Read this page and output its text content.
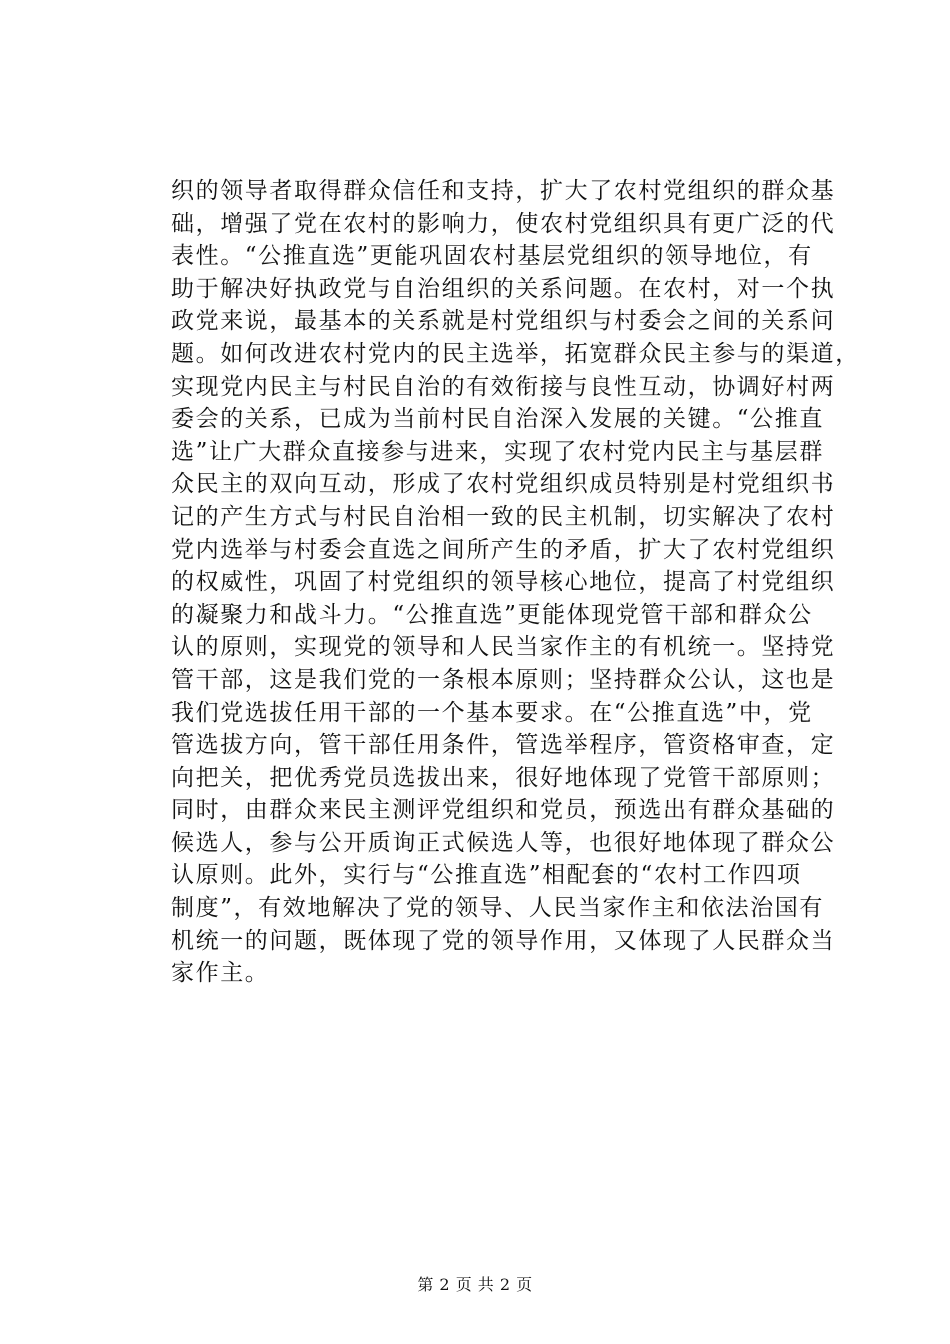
织的领导者取得群众信任和支持，扩大了农村党组织的群众基
础，增强了党在农村的影响力，使农村党组织具有更广泛的代
表性。“公推直选”更能巩固农村基层党组织的领导地位，有
助于解决好执政党与自治组织的关系问题。在农村，对一个执
政党来说，最基本的关系就是村党组织与村委会之间的关系问
题。如何改进农村党内的民主选举，拓宽群众民主参与的渠道，
实现党内民主与村民自治的有效衔接与良性互动，协调好村两
委会的关系，已成为当前村民自治深入发展的关键。“公推直
选”让广大群众直接参与进来，实现了农村党内民主与基层群
众民主的双向互动，形成了农村党组织成员特别是村党组织书
记的产生方式与村民自治相一致的民主机制，切实解决了农村
党内选举与村委会直选之间所产生的矛盾，扩大了农村党组织
的权威性，巩固了村党组织的领导核心地位，提高了村党组织
的凝聚力和战斗力。“公推直选”更能体现党管干部和群众公
认的原则，实现党的领导和人民当家作主的有机统一。坚持党
管干部，这是我们党的一条根本原则；坚持群众公认，这也是
我们党选拔任用干部的一个基本要求。在“公推直选”中，党
管选拔方向，管干部任用条件，管选举程序，管资格审查，定
向把关，把优秀党员选拔出来，很好地体现了党管干部原则；
同时，由群众来民主测评党组织和党员，预选出有群众基础的
候选人，参与公开质询正式候选人等，也很好地体现了群众公
认原则。此外，实行与“公推直选”相配套的“农村工作四项
制度”，有效地解决了党的领导、人民当家作主和依法治国有
机统一的问题，既体现了党的领导作用，又体现了人民群众当
家作主。
第 2 页 共 2 页
